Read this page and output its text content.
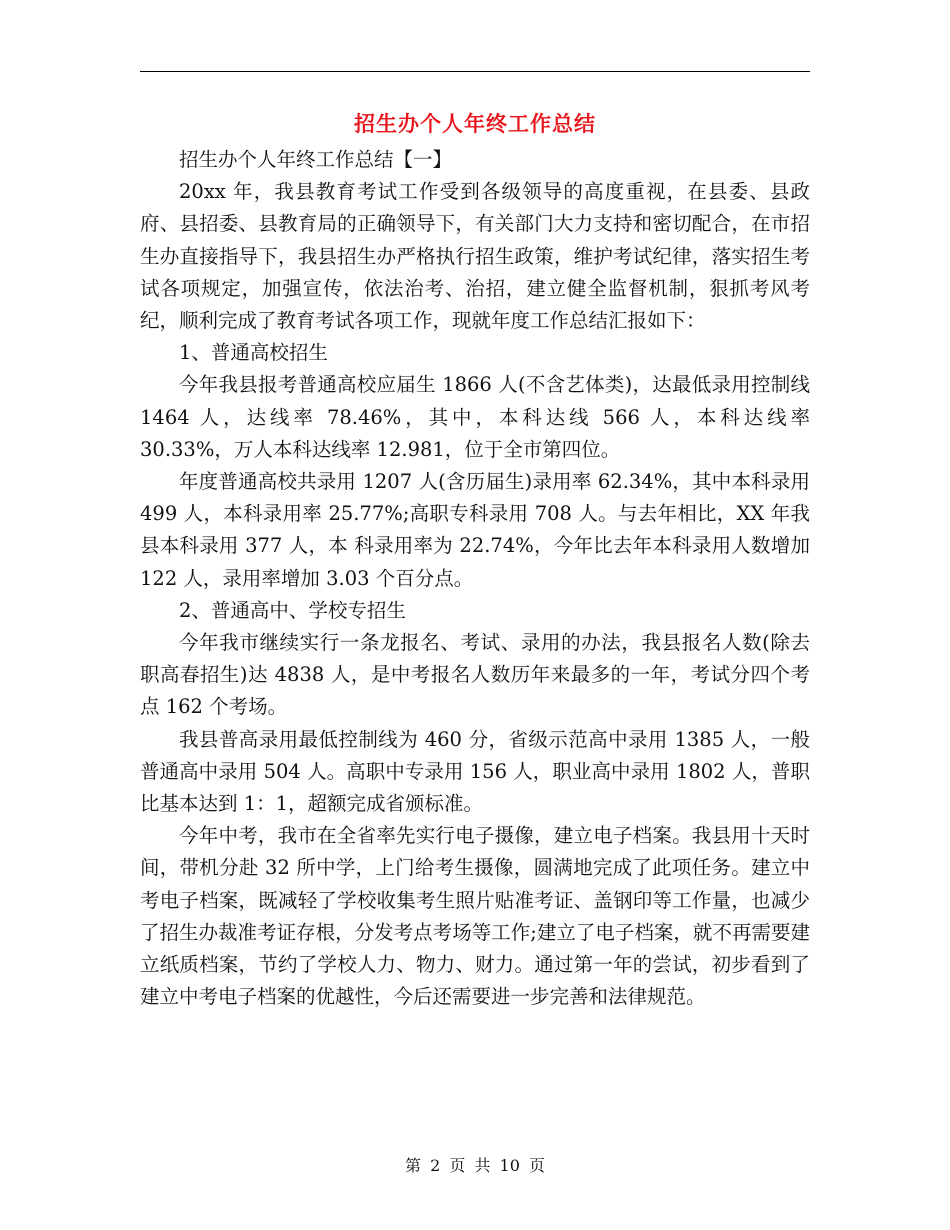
招生办个人年终工作总结

招生办个人年终工作总结【一】

20xx 年，我县教育考试工作受到各级领导的高度重视，在县委、县政府、县招委、县教育局的正确领导下，有关部门大力支持和密切配合，在市招生办直接指导下，我县招生办严格执行招生政策，维护考试纪律，落实招生考试各项规定，加强宣传，依法治考、治招，建立健全监督机制，狠抓考风考纪，顺利完成了教育考试各项工作，现就年度工作总结汇报如下：

1、普通高校招生

今年我县报考普通高校应届生 1866 人(不含艺体类)，达最低录用控制线 1464 人，达线率 78.46%，其中，本科达线 566 人，本科达线率 30.33%，万人本科达线率 12.981，位于全市第四位。

年度普通高校共录用 1207 人(含历届生)录用率 62.34%，其中本科录用 499 人，本科录用率 25.77%;高职专科录用 708 人。与去年相比，XX 年我县本科录用 377 人，本 科录用率为 22.74%，今年比去年本科录用人数增加 122 人，录用率增加 3.03 个百分点。

2、普通高中、学校专招生

今年我市继续实行一条龙报名、考试、录用的办法，我县报名人数(除去职高春招生)达 4838 人，是中考报名人数历年来最多的一年，考试分四个考点 162 个考场。

我县普高录用最低控制线为 460 分，省级示范高中录用 1385 人，一般普通高中录用 504 人。高职中专录用 156 人，职业高中录用 1802 人，普职比基本达到 1：1，超额完成省颁标准。

今年中考，我市在全省率先实行电子摄像，建立电子档案。我县用十天时间，带机分赴 32 所中学，上门给考生摄像，圆满地完成了此项任务。建立中考电子档案，既减轻了学校收集考生照片贴准考证、盖钢印等工作量，也减少了招生办裁准考证存根，分发考点考场等工作;建立了电子档案，就不再需要建立纸质档案，节约了学校人力、物力、财力。通过第一年的尝试，初步看到了建立中考电子档案的优越性，今后还需要进一步完善和法律规范。

第 2 页 共 10 页
